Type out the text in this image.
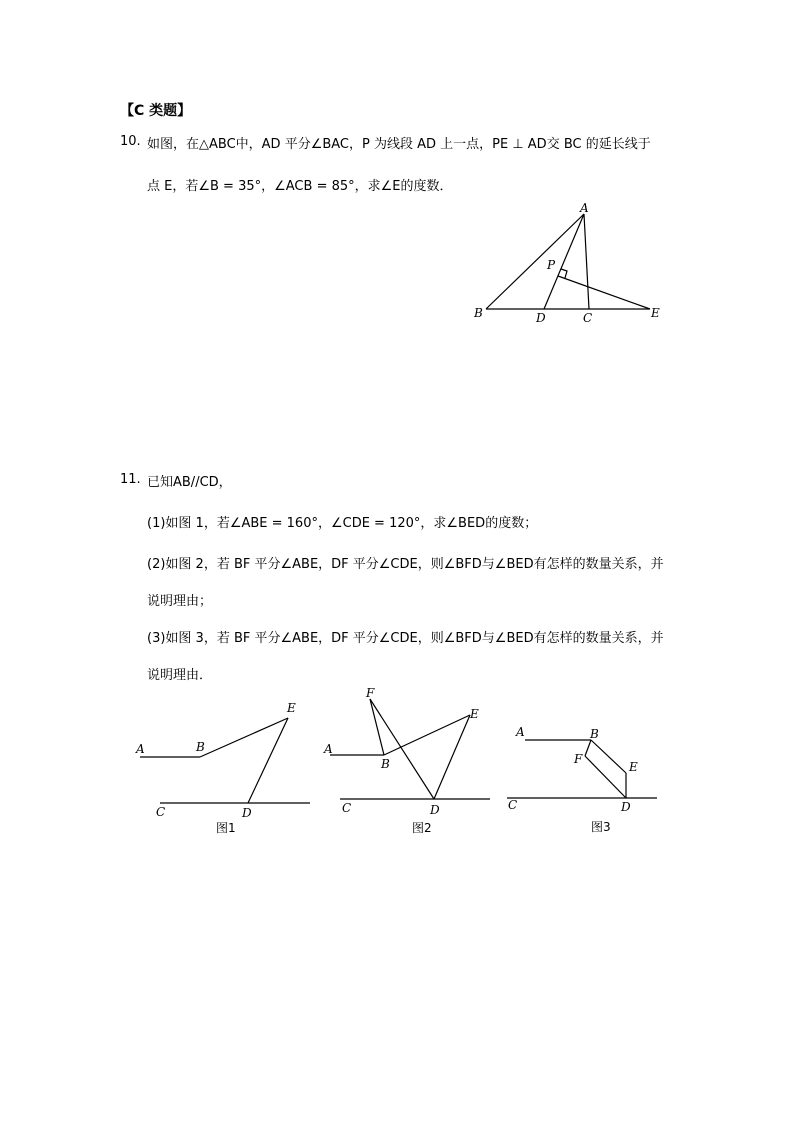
【C 类题】
10. 如图，在△ABC中，AD 平分∠BAC，P 为线段 AD 上一点，PE ⊥ AD交 BC 的延长线于
点 E，若∠B = 35°，∠ACB = 85°，求∠E的度数．
A
B	C
D	E
P
11. 已知AB//CD，
(1)如图 1，若∠ABE = 160°，∠CDE = 120°，求∠BED的度数；
(2)如图 2，若 BF 平分∠ABE，DF 平分∠CDE，则∠BFD与∠BED有怎样的数量关系，并
说明理由；
(3)如图 3，若 BF 平分∠ABE，DF 平分∠CDE，则∠BFD与∠BED有怎样的数量关系，并
说明理由．
A	B
E
C	D
图1
A
B
E
F
C	D
图2
A	B
E
F
C	D
图3
